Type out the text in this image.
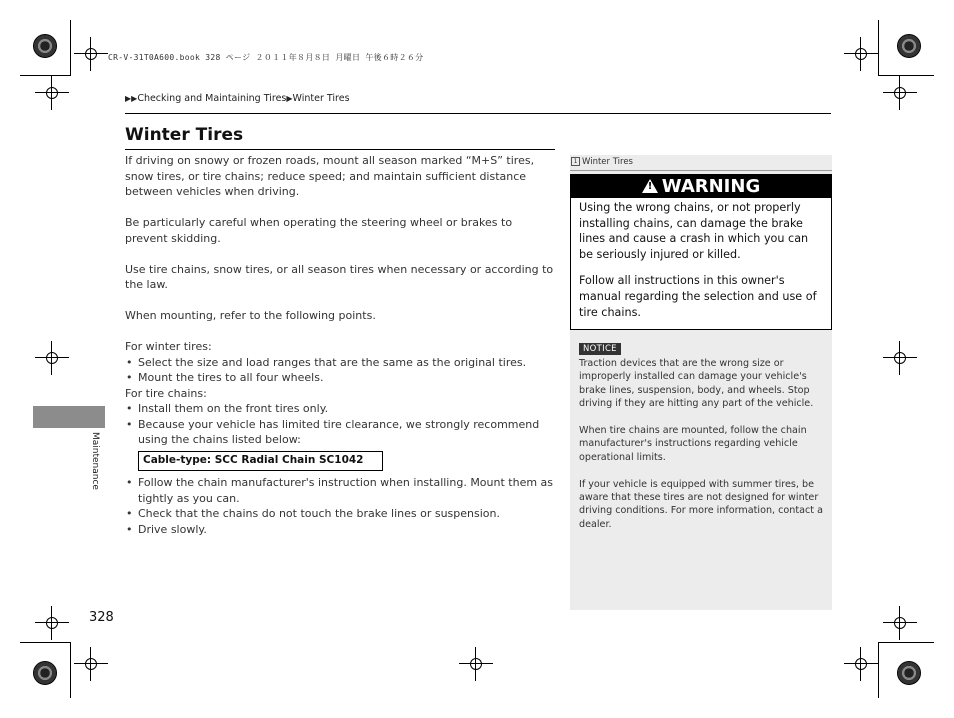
CR-V-31T0A600.book 328 ページ ２０１１年８月８日 月曜日 午後６時２６分
▶▶Checking and Maintaining Tires▶Winter Tires
Winter Tires

If driving on snowy or frozen roads, mount all season marked “M+S” tires, snow tires, or tire chains; reduce speed; and maintain sufficient distance between vehicles when driving.

Be particularly careful when operating the steering wheel or brakes to prevent skidding.

Use tire chains, snow tires, or all season tires when necessary or according to the law.

When mounting, refer to the following points.

For winter tires:
• Select the size and load ranges that are the same as the original tires.
• Mount the tires to all four wheels.
For tire chains:
• Install them on the front tires only.
• Because your vehicle has limited tire clearance, we strongly recommend using the chains listed below:
Cable-type: SCC Radial Chain SC1042
• Follow the chain manufacturer's instruction when installing. Mount them as tightly as you can.
• Check that the chains do not touch the brake lines or suspension.
• Drive slowly.
Maintenance
328
1 Winter Tires
! WARNING

Using the wrong chains, or not properly installing chains, can damage the brake lines and cause a crash in which you can be seriously injured or killed.

Follow all instructions in this owner's manual regarding the selection and use of tire chains.

NOTICE

Traction devices that are the wrong size or improperly installed can damage your vehicle's brake lines, suspension, body, and wheels. Stop driving if they are hitting any part of the vehicle.

When tire chains are mounted, follow the chain manufacturer's instructions regarding vehicle operational limits.

If your vehicle is equipped with summer tires, be aware that these tires are not designed for winter driving conditions. For more information, contact a dealer.
